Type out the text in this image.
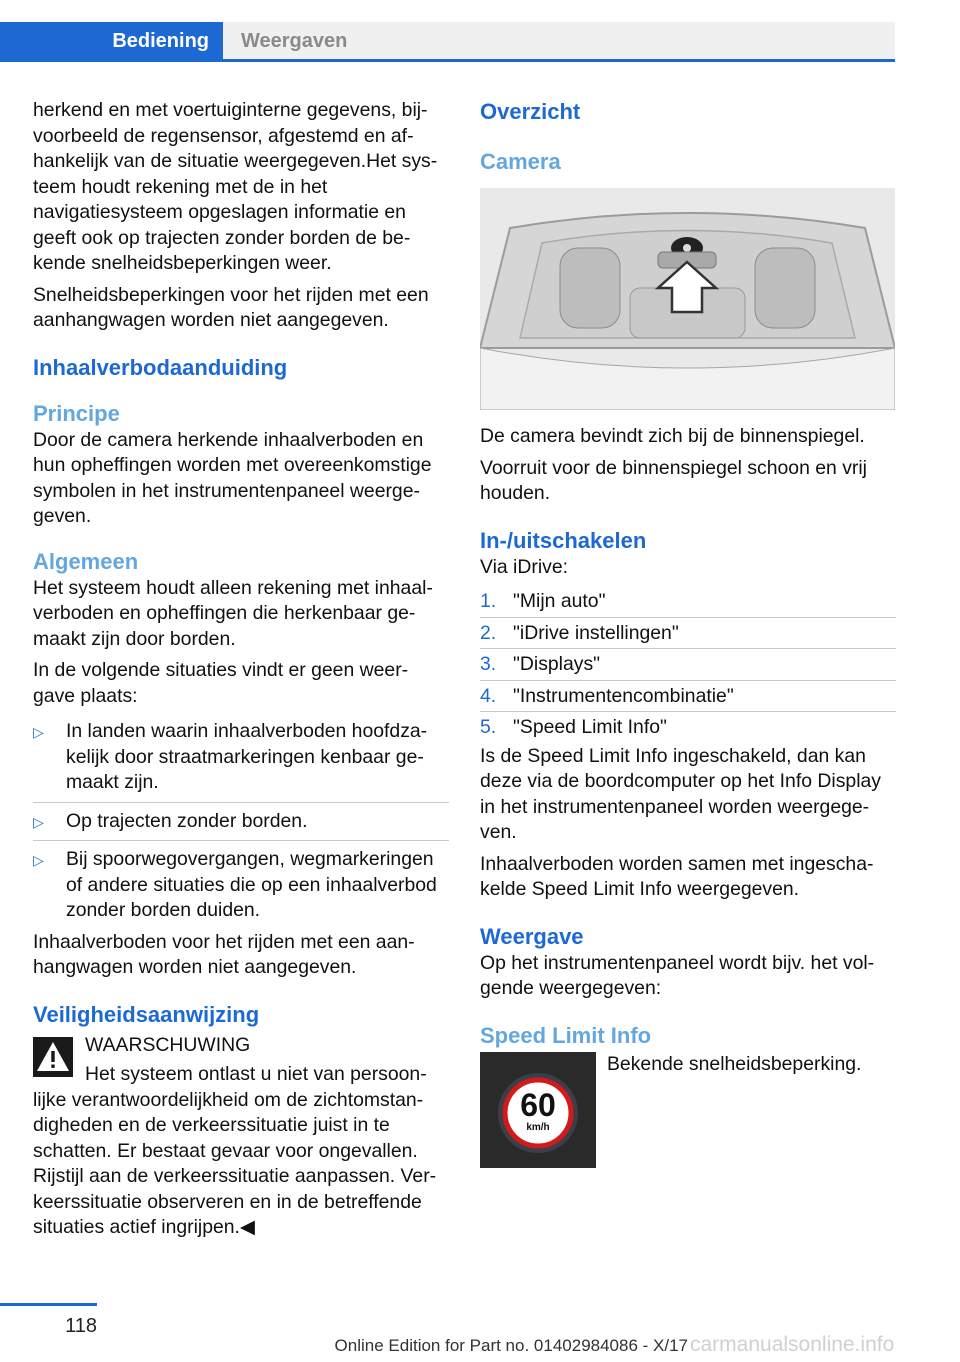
Bediening	Weergaven

herkend en met voertuiginterne gegevens, bij-voorbeeld de regensensor, afgestemd en af-hankelijk van de situatie weergegeven.Het sys-teem houdt rekening met de in het navigatiesysteem opgeslagen informatie en geeft ook op trajecten zonder borden de be-kende snelheidsbeperkingen weer.

Snelheidsbeperkingen voor het rijden met een aanhangwagen worden niet aangegeven.

Inhaalverbodaanduiding
Principe

Door de camera herkende inhaalverboden en hun opheffingen worden met overeenkomstige symbolen in het instrumentenpaneel weerge-geven.

Algemeen

Het systeem houdt alleen rekening met inhaal-verboden en opheffingen die herkenbaar ge-maakt zijn door borden.

In de volgende situaties vindt er geen weer-gave plaats:

▷ In landen waarin inhaalverboden hoofdza-kelijk door straatmarkeringen kenbaar ge-maakt zijn.
▷ Op trajecten zonder borden.
▷ Bij spoorwegovergangen, wegmarkeringen of andere situaties die op een inhaalverbod zonder borden duiden.

Inhaalverboden voor het rijden met een aan-hangwagen worden niet aangegeven.

Veiligheidsaanwijzing
WAARSCHUWING

Het systeem ontlast u niet van persoon-lijke verantwoordelijkheid om de zichtomstan-digheden en de verkeerssituatie juist in te schatten. Er bestaat gevaar voor ongevallen. Rijstijl aan de verkeerssituatie aanpassen. Ver-keerssituatie observeren en in de betreffende situaties actief ingrijpen.◀

Overzicht
Camera

De camera bevindt zich bij de binnenspiegel.

Voorruit voor de binnenspiegel schoon en vrij houden.

In-/uitschakelen

Via iDrive:

1. "Mijn auto"
2. "iDrive instellingen"
3. "Displays"
4. "Instrumentencombinatie"
5. "Speed Limit Info"

Is de Speed Limit Info ingeschakeld, dan kan deze via de boordcomputer op het Info Display in het instrumentenpaneel worden weergege-ven.

Inhaalverboden worden samen met ingescha-kelde Speed Limit Info weergegeven.

Weergave

Op het instrumentenpaneel wordt bijv. het vol-gende weergegeven:

Speed Limit Info
60
km/h
Bekende snelheidsbeperking.
118
Online Edition for Part no. 01402984086 - X/17 carmanualsonline.info
